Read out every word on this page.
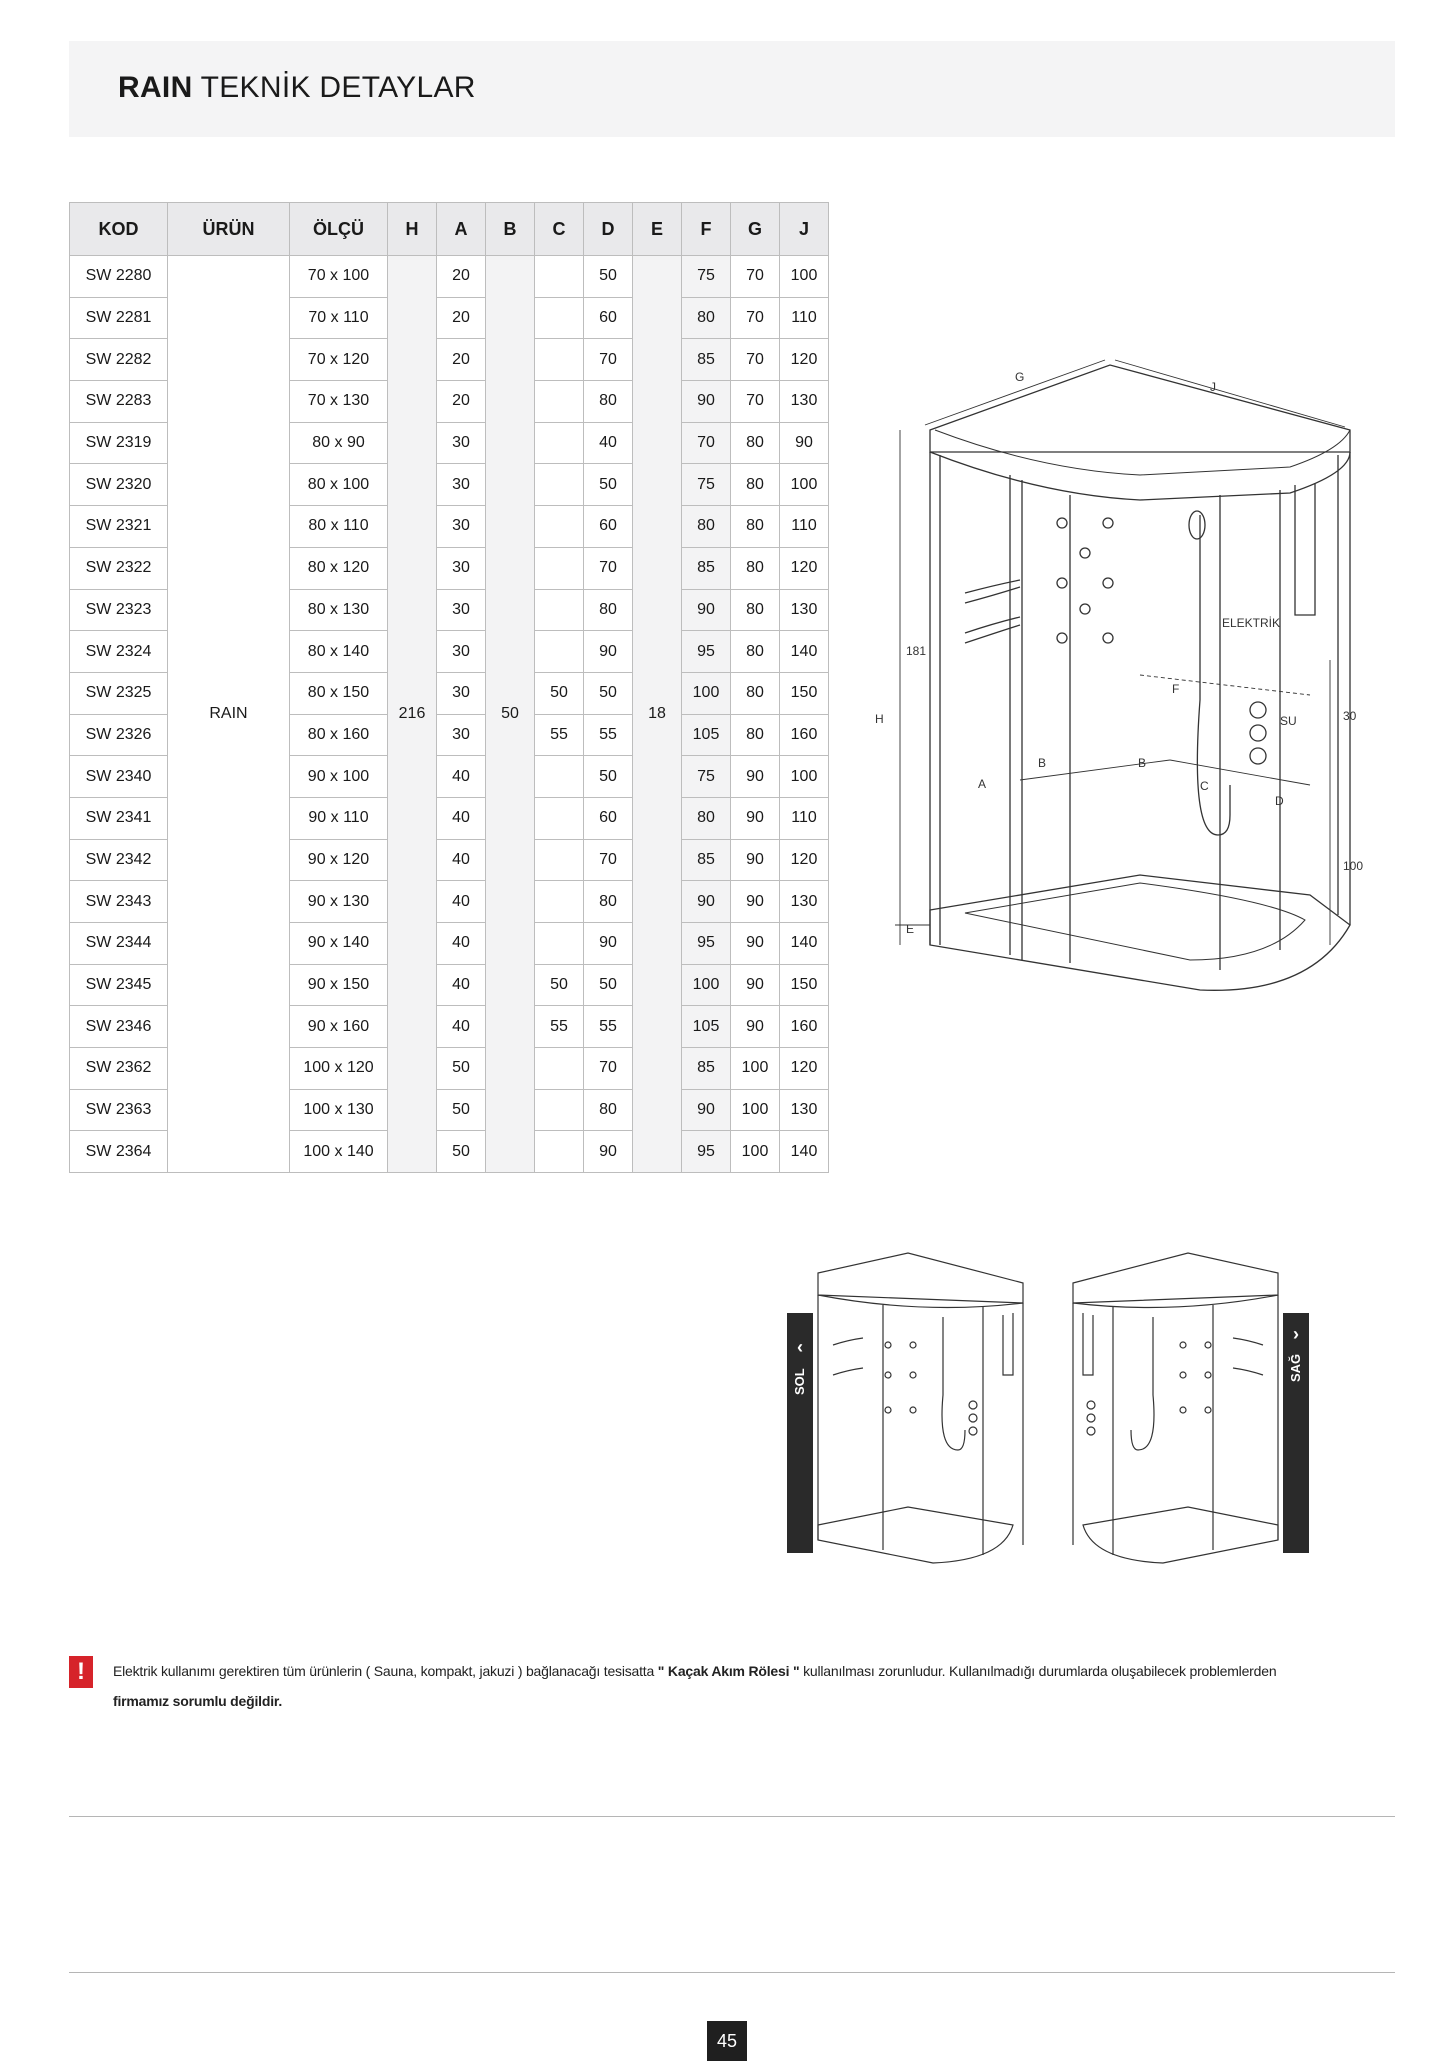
RAIN TEKNİK DETAYLAR
KOD	ÜRÜN	ÖLÇÜ	H	A	B	C	D	E	F	G	J
SW 2280	RAIN	70 x 100	216	20	50		50	18	75	70	100
SW 2281		70 x 110		20			60		80	70	110
SW 2282		70 x 120		20			70		85	70	120
SW 2283		70 x 130		20			80		90	70	130
SW 2319		80 x 90		30			40		70	80	90
SW 2320		80 x 100		30			50		75	80	100
SW 2321		80 x 110		30			60		80	80	110
SW 2322		80 x 120		30			70		85	80	120
SW 2323		80 x 130		30			80		90	80	130
SW 2324		80 x 140		30			90		95	80	140
SW 2325		80 x 150		30		50	50		100	80	150
SW 2326		80 x 160		30		55	55		105	80	160
SW 2340		90 x 100		40			50		75	90	100
SW 2341		90 x 110		40			60		80	90	110
SW 2342		90 x 120		40			70		85	90	120
SW 2343		90 x 130		40			80		90	90	130
SW 2344		90 x 140		40			90		95	90	140
SW 2345		90 x 150		40		50	50		100	90	150
SW 2346		90 x 160		40		55	55		105	90	160
SW 2362		100 x 120		50			70		85	100	120
SW 2363		100 x 130		50			80		90	100	130
SW 2364		100 x 140		50			90		95	100	140
G
J
H
181
E
F
A
B	B
C
D
ELEKTRİK
SU	30
100
‹
SOL
›
SAĞ
!	Elektrik kullanımı gerektiren tüm ürünlerin ( Sauna, kompakt, jakuzi ) bağlanacağı tesisatta " Kaçak Akım Rölesi " kullanılması zorunludur. Kullanılmadığı durumlarda oluşabilecek problemlerden firmamız sorumlu değildir.

45
